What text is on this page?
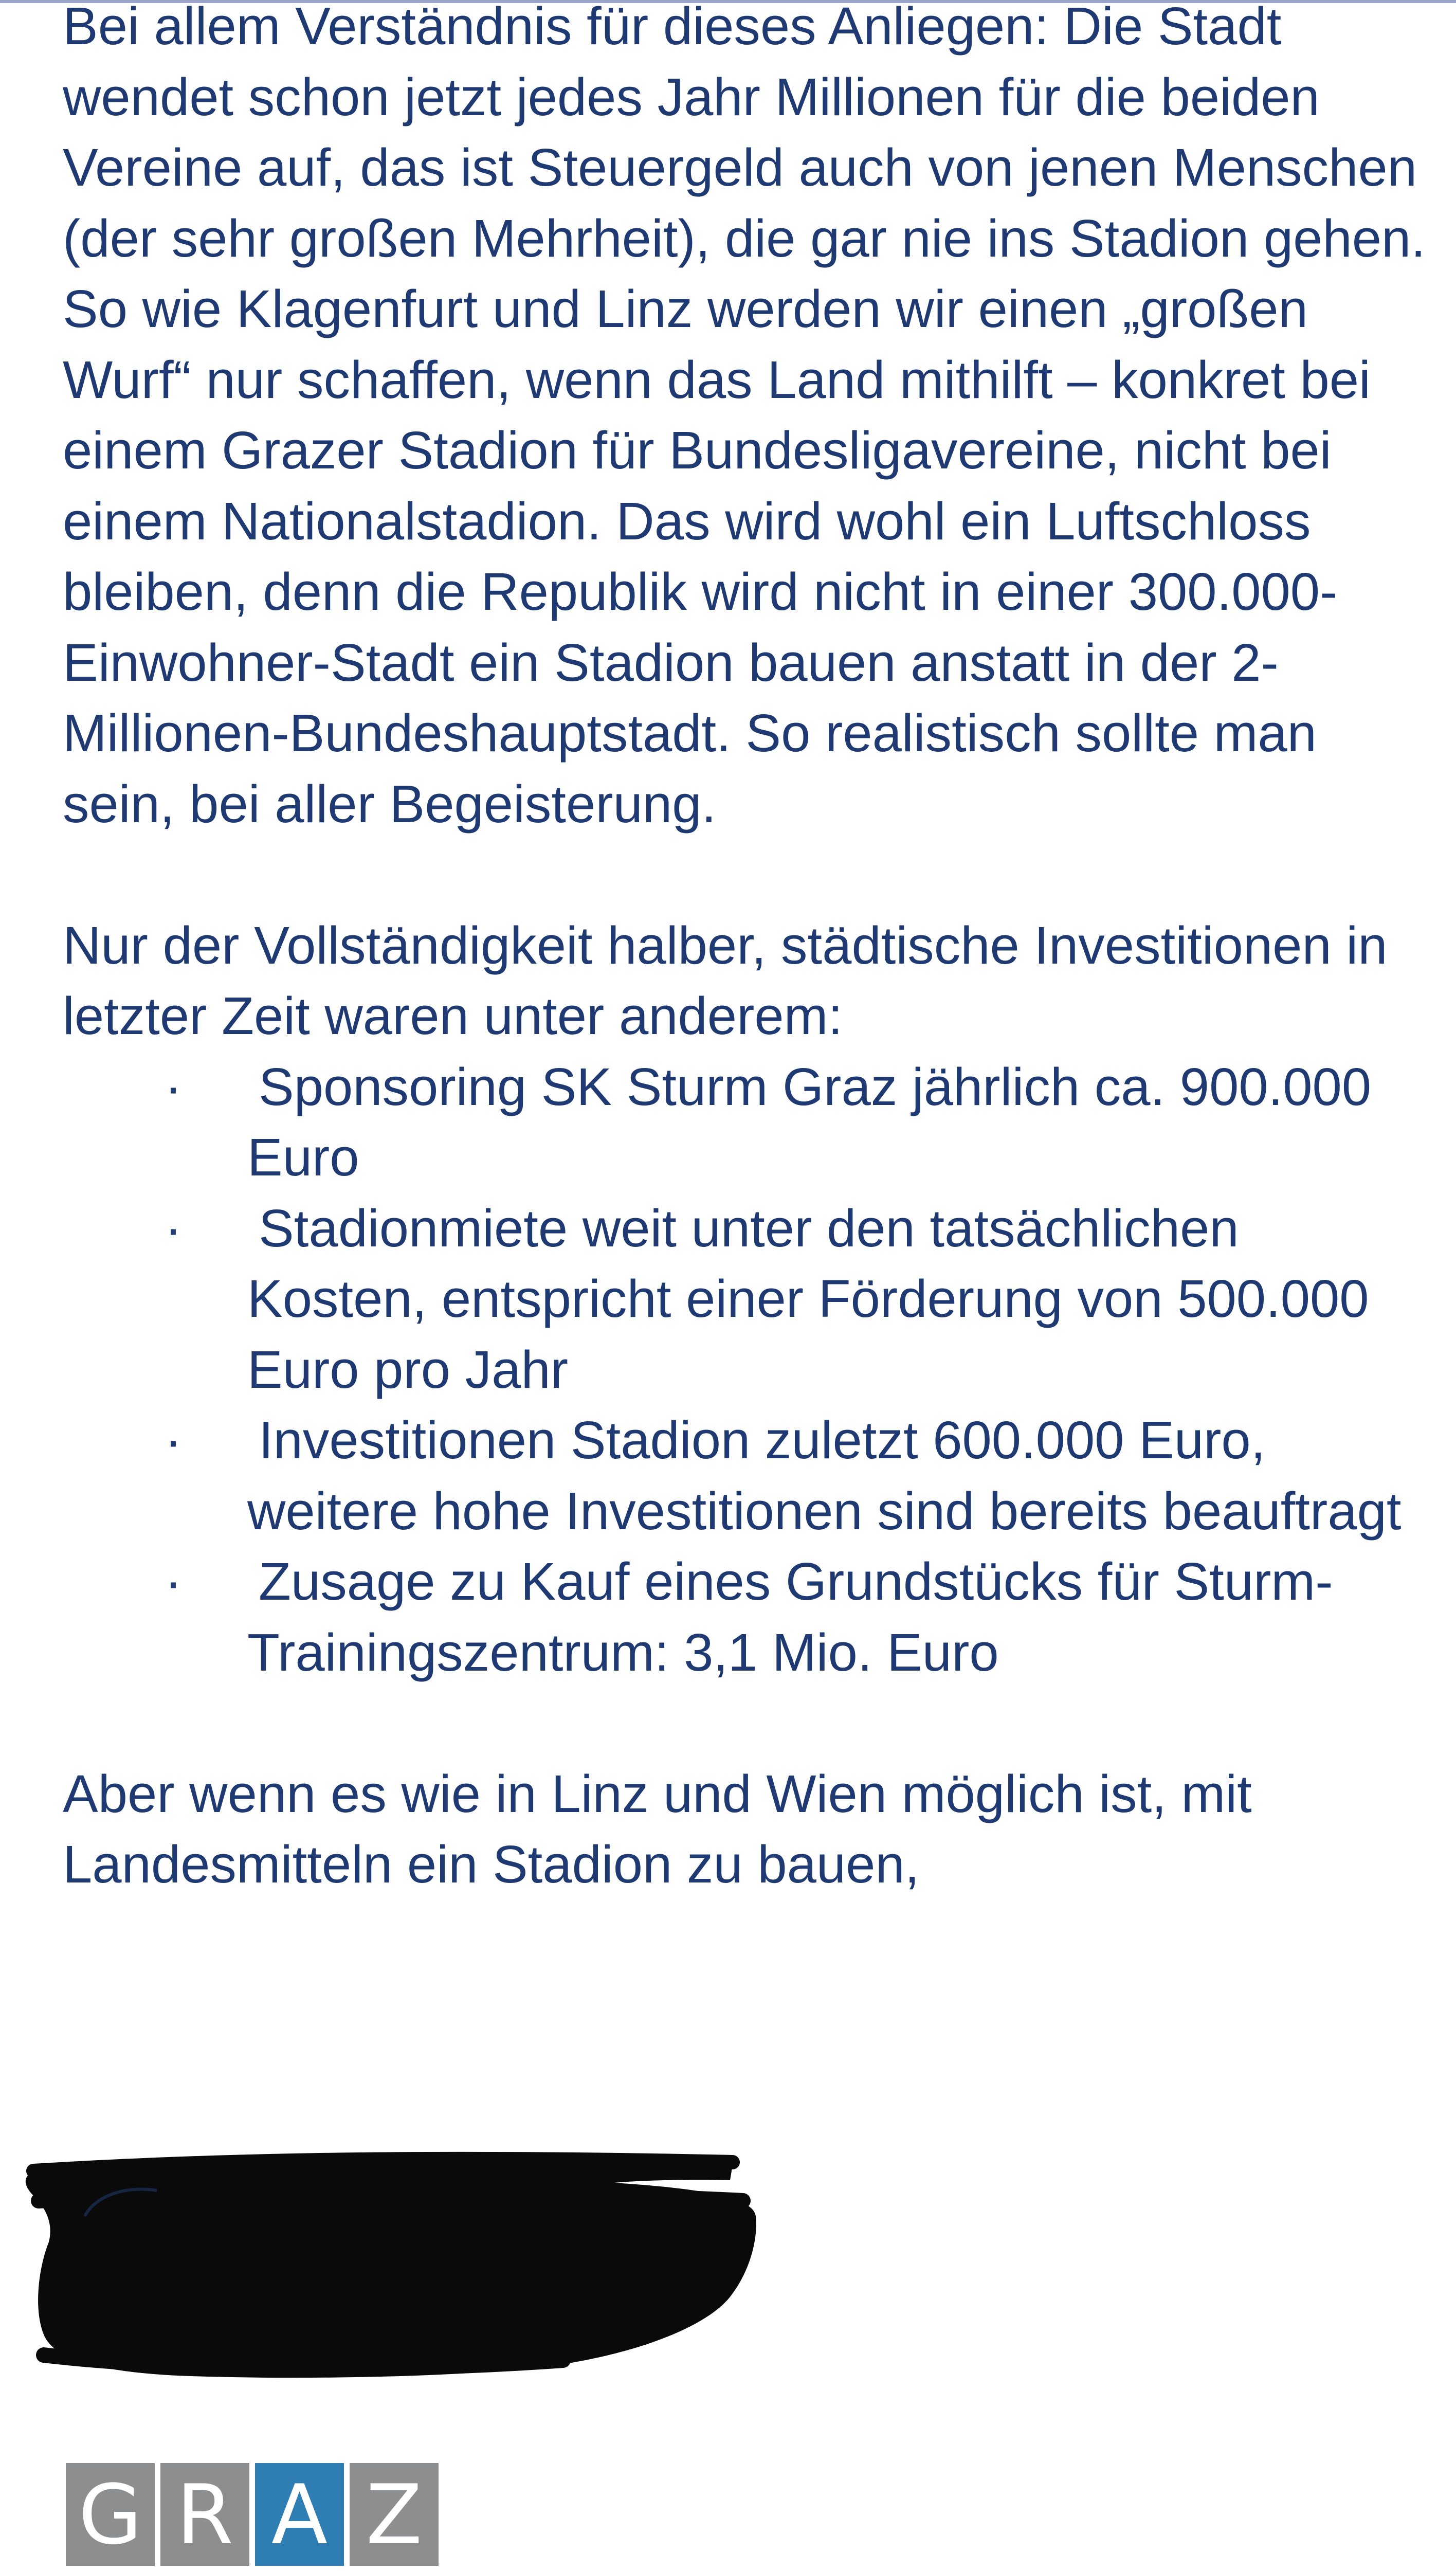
Bei allem Verständnis für dieses Anliegen: Die Stadt wendet schon jetzt jedes Jahr Millionen für die beiden Vereine auf, das ist Steuergeld auch von jenen Menschen (der sehr großen Mehrheit), die gar nie ins Stadion gehen. So wie Klagenfurt und Linz werden wir einen „großen Wurf“ nur schaffen, wenn das Land mithilft – konkret bei einem Grazer Stadion für Bundesligavereine, nicht bei einem Nationalstadion. Das wird wohl ein Luftschloss bleiben, denn die Republik wird nicht in einer 300.000-Einwohner-Stadt ein Stadion bauen anstatt in der 2-Millionen-Bundeshauptstadt. So realistisch sollte man sein, bei aller Begeisterung.

Nur der Vollständigkeit halber, städtische Investitionen in letzter Zeit waren unter anderem:

· Sponsoring SK Sturm Graz jährlich ca. 900.000 Euro
· Stadionmiete weit unter den tatsächlichen Kosten, entspricht einer Förderung von 500.000 Euro pro Jahr
· Investitionen Stadion zuletzt 600.000 Euro, weitere hohe Investitionen sind bereits beauftragt
· Zusage zu Kauf eines Grundstücks für Sturm-Trainingszentrum: 3,1 Mio. Euro

Aber wenn es wie in Linz und Wien möglich ist, mit Landesmitteln ein Stadion zu bauen,

G R A Z
